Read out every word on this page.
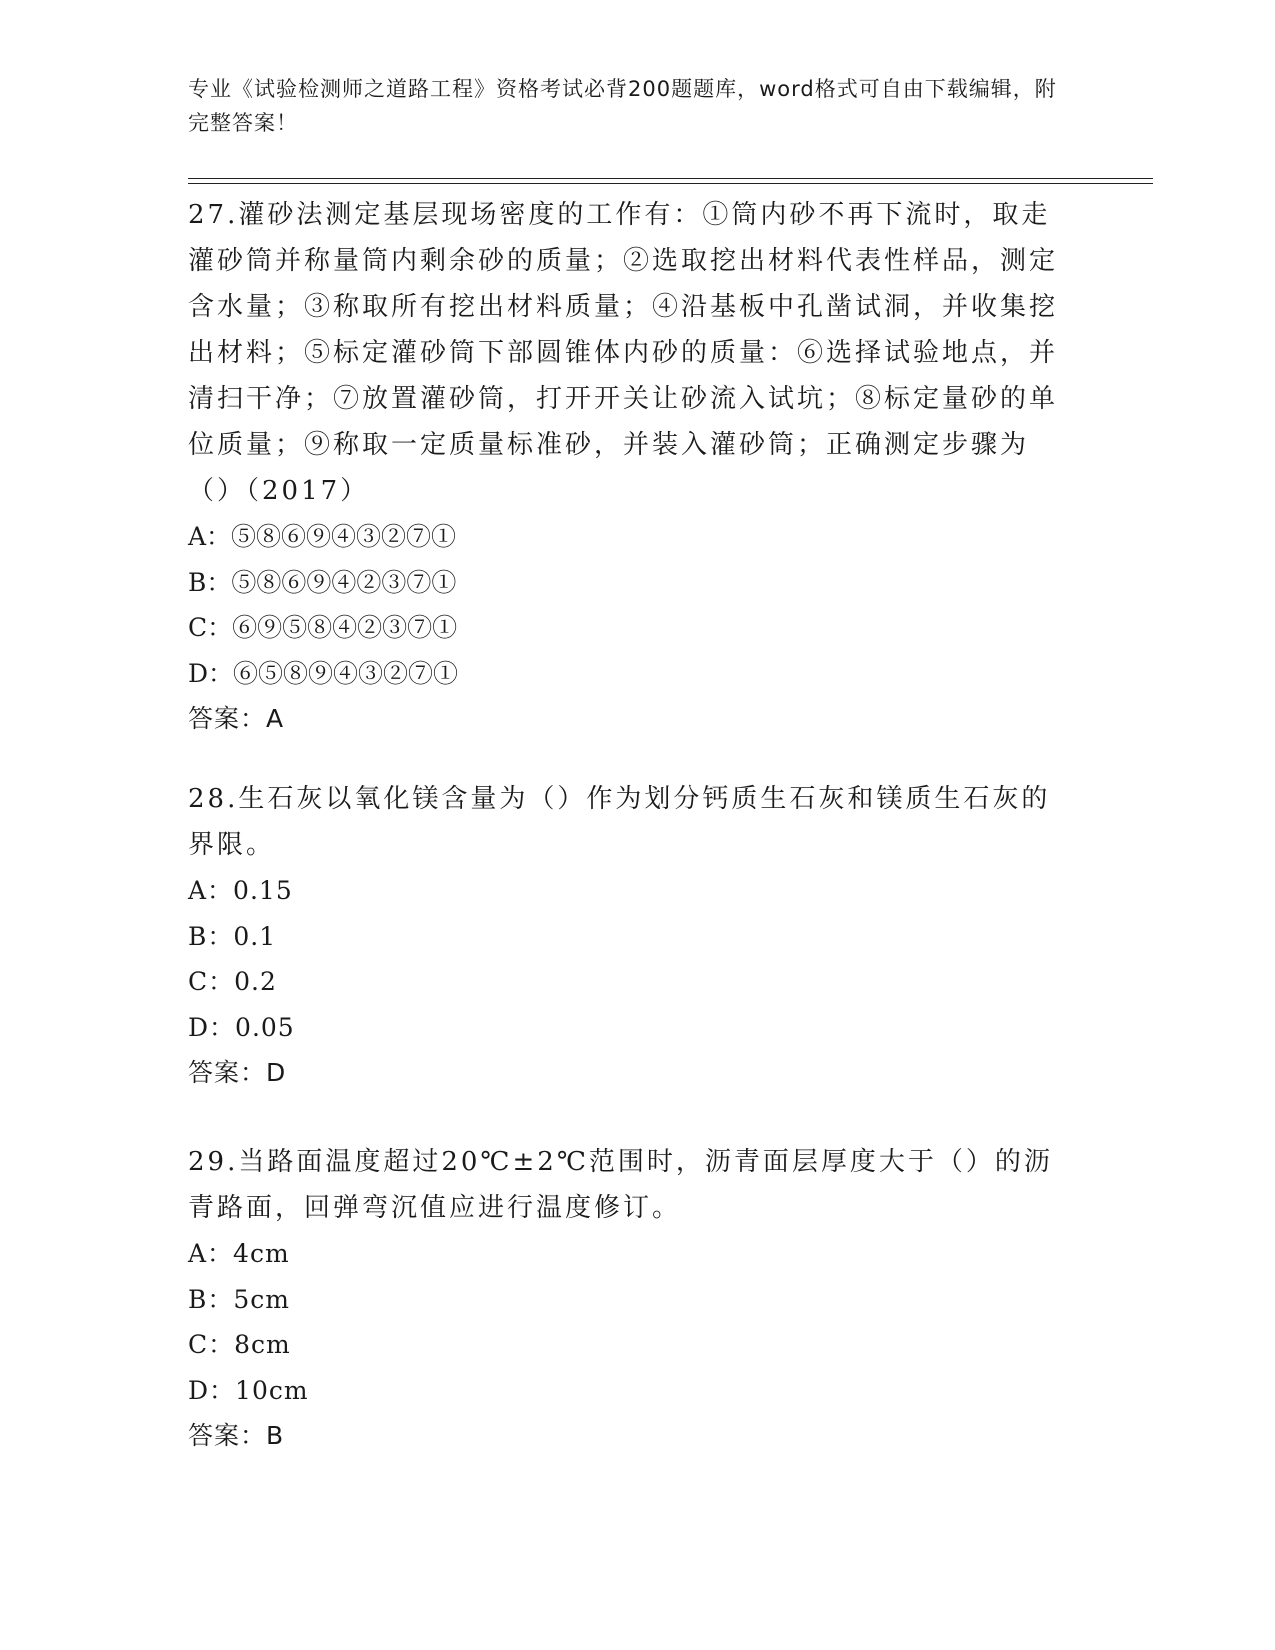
专业《试验检测师之道路工程》资格考试必背200题题库，word格式可自由下载编辑，附完整答案！
27.灌砂法测定基层现场密度的工作有：①筒内砂不再下流时，取走灌砂筒并称量筒内剩余砂的质量；②选取挖出材料代表性样品，测定含水量；③称取所有挖出材料质量；④沿基板中孔凿试洞，并收集挖出材料；⑤标定灌砂筒下部圆锥体内砂的质量：⑥选择试验地点，并清扫干净；⑦放置灌砂筒，打开开关让砂流入试坑；⑧标定量砂的单位质量；⑨称取一定质量标准砂，并装入灌砂筒；正确测定步骤为（）（2017）
A：⑤⑧⑥⑨④③②⑦①
B：⑤⑧⑥⑨④②③⑦①
C：⑥⑨⑤⑧④②③⑦①
D：⑥⑤⑧⑨④③②⑦①
答案：A
28.生石灰以氧化镁含量为（）作为划分钙质生石灰和镁质生石灰的界限。
A：0.15
B：0.1
C：0.2
D：0.05
答案：D
29.当路面温度超过20℃±2℃范围时，沥青面层厚度大于（）的沥青路面，回弹弯沉值应进行温度修订。
A：4cm
B：5cm
C：8cm
D：10cm
答案：B
